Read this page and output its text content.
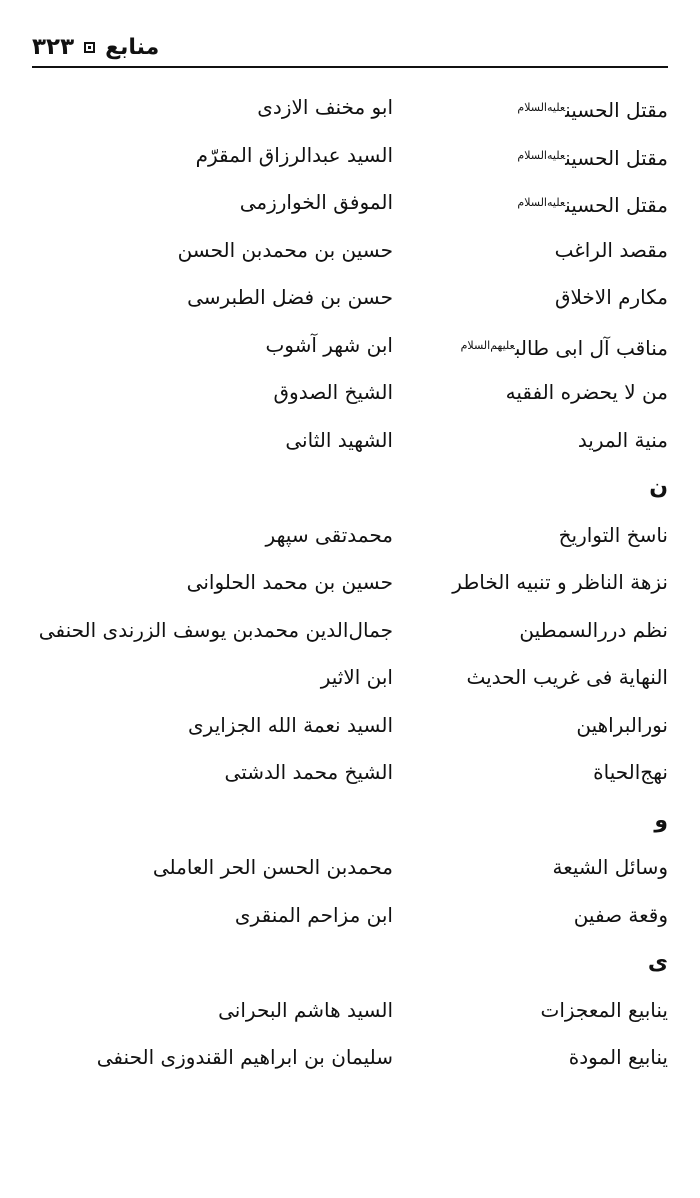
٣٢٣ منابع
مقتل الحسين$^{عليه‌السلام}$
ابو مخنف الازدی
مقتل الحسين$^{عليه‌السلام}$
السيد عبدالرزاق المقرّم
مقتل الحسين$^{عليه‌السلام}$
الموفق الخوارزمی
مقصد الراغب
حسين بن محمدبن الحسن
مكارم الاخلاق
حسن بن فضل الطبرسی
مناقب آل ابی طالب$^{عليهم‌السلام}$
ابن شهر آشوب
من لا يحضره الفقيه
الشيخ الصدوق
منية المريد
الشهيد الثانی
ن
ناسخ التواريخ
محمدتقی سپهر
نزهة الناظر و تنبيه الخاطر
حسين بن محمد الحلوانی
نظم دررالسمطين
جمال‌الدين محمدبن يوسف الزرندی الحنفی
النهاية فی غريب الحديث
ابن الاثير
نورالبراهين
السيد نعمة الله الجزايری
نهج‌الحياة
الشيخ محمد الدشتی
و
وسائل الشيعة
محمدبن الحسن الحر العاملی
وقعة صفين
ابن مزاحم المنقری
ی
ينابيع المعجزات
السيد هاشم البحرانی
ينابيع المودة
سليمان بن ابراهيم القندوزی الحنفی
